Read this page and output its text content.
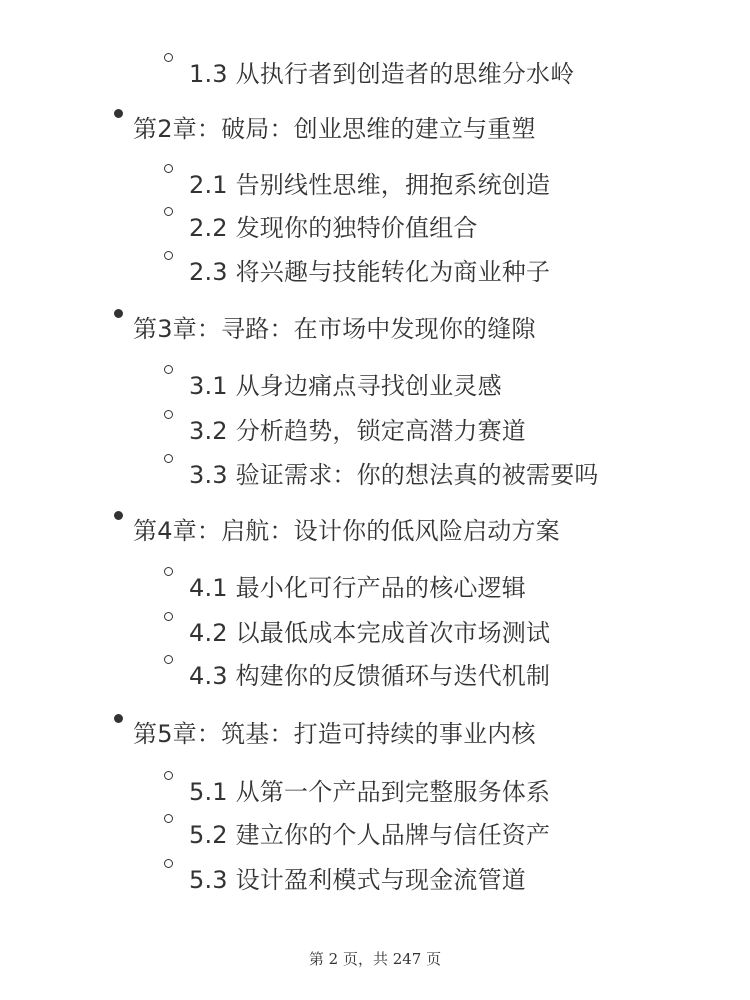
1.3 从执行者到创造者的思维分水岭
第2章：破局：创业思维的建立与重塑
2.1 告别线性思维，拥抱系统创造
2.2 发现你的独特价值组合
2.3 将兴趣与技能转化为商业种子
第3章：寻路：在市场中发现你的缝隙
3.1 从身边痛点寻找创业灵感
3.2 分析趋势，锁定高潜力赛道
3.3 验证需求：你的想法真的被需要吗
第4章：启航：设计你的低风险启动方案
4.1 最小化可行产品的核心逻辑
4.2 以最低成本完成首次市场测试
4.3 构建你的反馈循环与迭代机制
第5章：筑基：打造可持续的事业内核
5.1 从第一个产品到完整服务体系
5.2 建立你的个人品牌与信任资产
5.3 设计盈利模式与现金流管道
第 2 页，共 247 页
